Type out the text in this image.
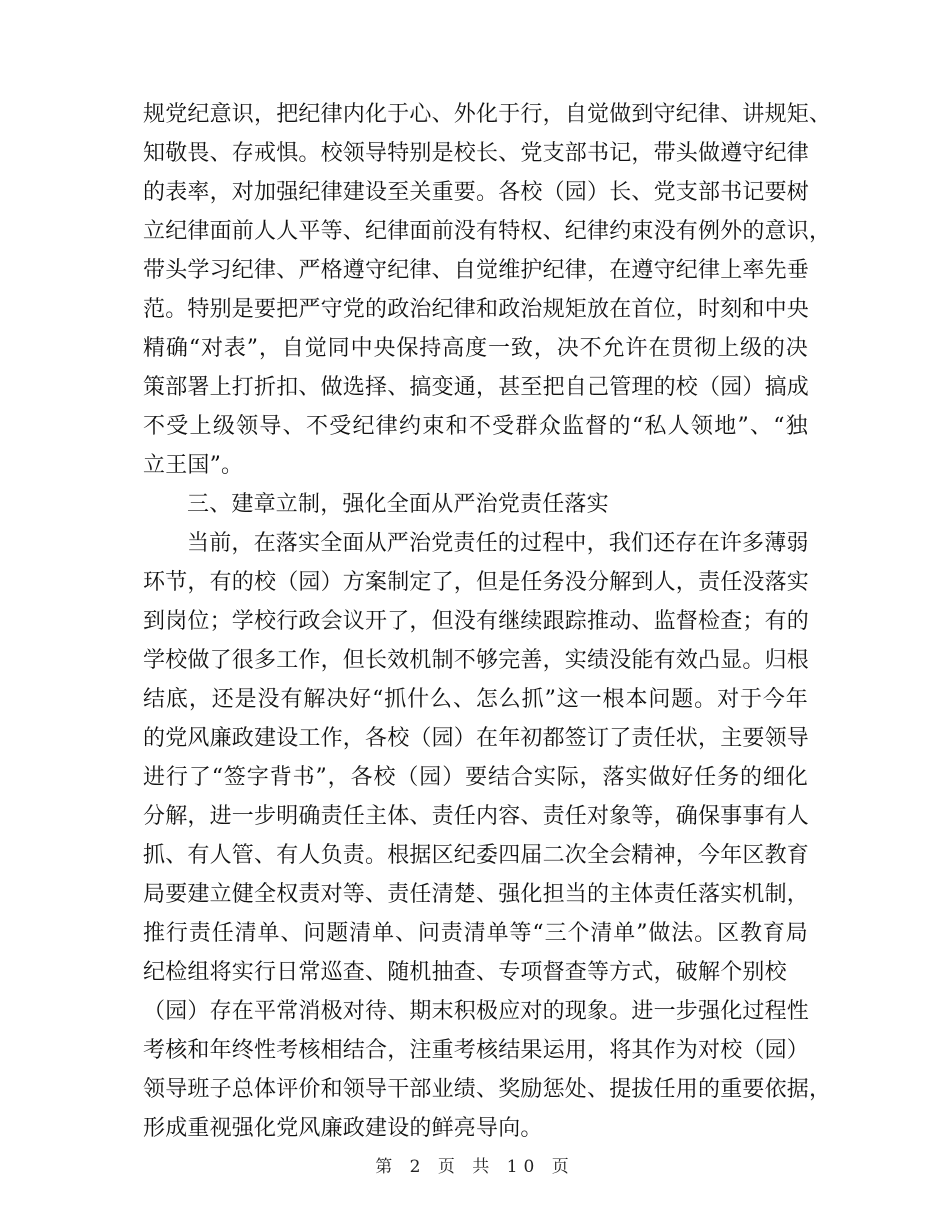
规党纪意识，把纪律内化于心、外化于行，自觉做到守纪律、讲规矩、
知敬畏、存戒惧。校领导特别是校长、党支部书记，带头做遵守纪律
的表率，对加强纪律建设至关重要。各校（园）长、党支部书记要树
立纪律面前人人平等、纪律面前没有特权、纪律约束没有例外的意识，
带头学习纪律、严格遵守纪律、自觉维护纪律，在遵守纪律上率先垂
范。特别是要把严守党的政治纪律和政治规矩放在首位，时刻和中央
精确“对表”，自觉同中央保持高度一致，决不允许在贯彻上级的决
策部署上打折扣、做选择、搞变通，甚至把自己管理的校（园）搞成
不受上级领导、不受纪律约束和不受群众监督的“私人领地”、“独
立王国”。
三、建章立制，强化全面从严治党责任落实
当前，在落实全面从严治党责任的过程中，我们还存在许多薄弱
环节，有的校（园）方案制定了，但是任务没分解到人，责任没落实
到岗位；学校行政会议开了，但没有继续跟踪推动、监督检查；有的
学校做了很多工作，但长效机制不够完善，实绩没能有效凸显。归根
结底，还是没有解决好“抓什么、怎么抓”这一根本问题。对于今年
的党风廉政建设工作，各校（园）在年初都签订了责任状，主要领导
进行了“签字背书”，各校（园）要结合实际，落实做好任务的细化
分解，进一步明确责任主体、责任内容、责任对象等，确保事事有人
抓、有人管、有人负责。根据区纪委四届二次全会精神，今年区教育
局要建立健全权责对等、责任清楚、强化担当的主体责任落实机制，
推行责任清单、问题清单、问责清单等“三个清单”做法。区教育局
纪检组将实行日常巡查、随机抽查、专项督查等方式，破解个别校
（园）存在平常消极对待、期末积极应对的现象。进一步强化过程性
考核和年终性考核相结合，注重考核结果运用，将其作为对校（园）
领导班子总体评价和领导干部业绩、奖励惩处、提拔任用的重要依据，
形成重视强化党风廉政建设的鲜亮导向。
第 2 页 共 10 页
